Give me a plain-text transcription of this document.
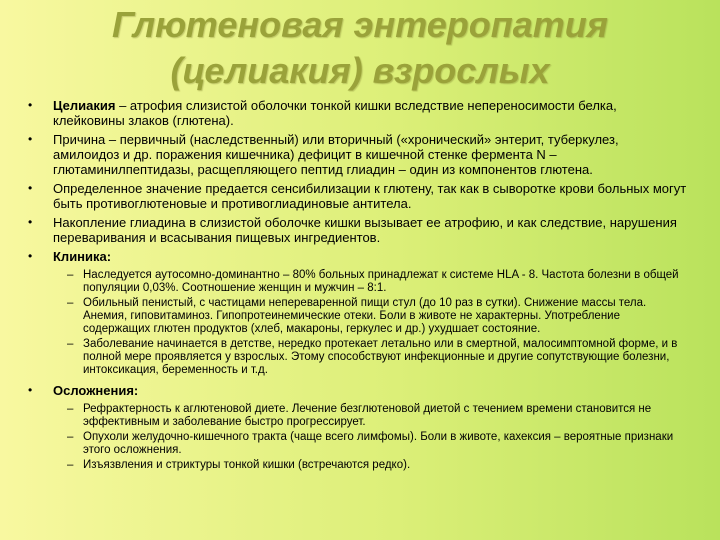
Глютеновая энтеропатия
(целиакия) взрослых
• Целиакия – атрофия слизистой оболочки тонкой кишки вследствие непереносимости белка, клейковины злаков (глютена).
• Причина – первичный (наследственный) или вторичный («хронический» энтерит, туберкулез, амилоидоз и др. поражения кишечника) дефицит в кишечной стенке фермента N – глютаминилпептидазы, расщепляющего пептид глиадин – один из компонентов глютена.
• Определенное значение предается сенсибилизации к глютену, так как в сыворотке крови больных могут быть противоглютеновые и противоглиадиновые антитела.
• Накопление глиадина в слизистой оболочке кишки вызывает ее атрофию, и как следствие, нарушения переваривания и всасывания пищевых ингредиентов.
• Клиника:
– Наследуется аутосомно-доминантно – 80% больных принадлежат к системе HLA - 8. Частота болезни в общей популяции 0,03%. Соотношение женщин и мужчин – 8:1.
– Обильный пенистый, с частицами непереваренной пищи стул (до 10 раз в сутки). Снижение массы тела. Анемия, гиповитаминоз. Гипопротеинемические отеки. Боли в животе не характерны. Употребление содержащих глютен продуктов (хлеб, макароны, геркулес и др.) ухудшает состояние.
– Заболевание начинается в детстве, нередко протекает летально или в смертной, малосимптомной форме, и в полной мере проявляется у взрослых. Этому способствуют инфекционные и другие сопутствующие болезни, интоксикация, беременность и т.д.
• Осложнения:
– Рефрактерность к аглютеновой диете. Лечение безглютеновой диетой с течением времени становится не эффективным и заболевание быстро прогрессирует.
– Опухоли желудочно-кишечного тракта (чаще всего лимфомы). Боли в животе, кахексия – вероятные признаки этого осложнения.
– Изъязвления и стриктуры тонкой кишки (встречаются редко).
